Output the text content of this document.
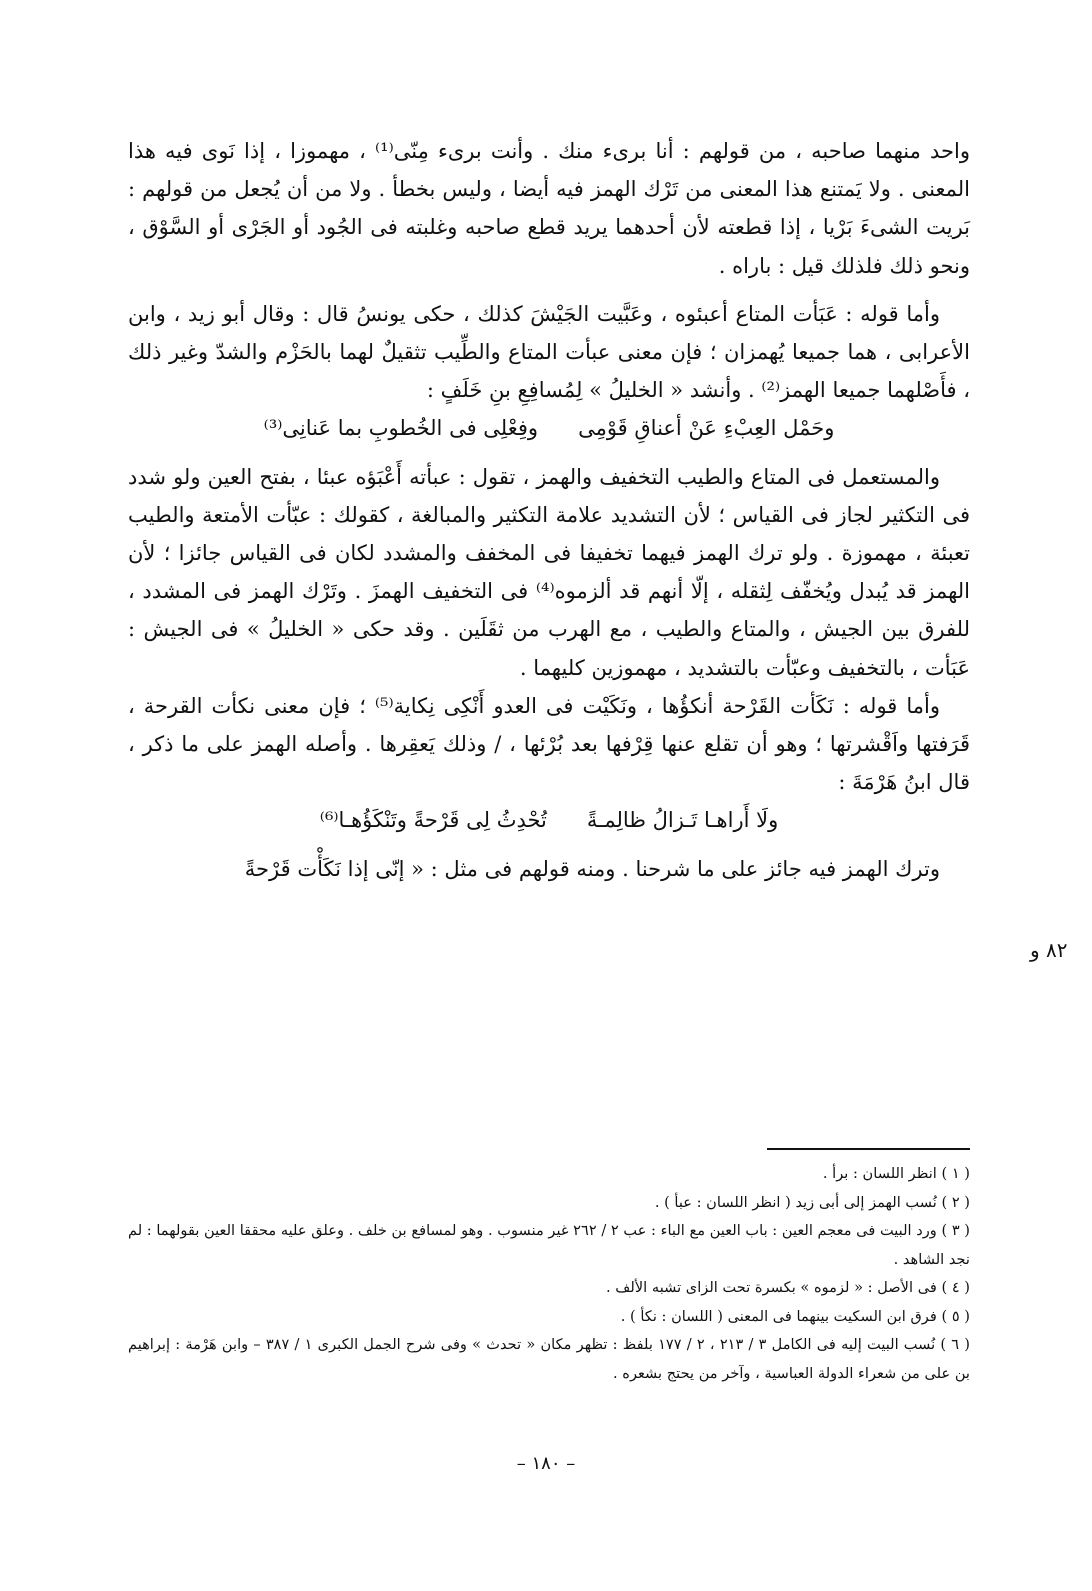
واحد منهما صاحبه ، من قولهم : أنا برىء منك . وأنت برىء مِنّى⁽¹⁾ ، مهموزا ، إذا نَوى فيه هذا المعنى . ولا يَمتنع هذا المعنى من تَرْك الهمز فيه أيضا ، وليس بخطأ . ولا من أن يُجعل من قولهم : بَريت الشىءَ بَرْيا ، إذا قطعته لأن أحدهما يريد قطع صاحبه وغلبته فى الجُود أو الجَرْى أو السَّوْق ، ونحو ذلك فلذلك قيل : باراه .

وأما قوله : عَبَأت المتاع أعبئوه ، وعَبَّيت الجَيْشَ كذلك ، حكى يونسُ قال : وقال أبو زيد ، وابن الأعرابى ، هما جميعا يُهمزان ؛ فإن معنى عبأت المتاع والطِّيب تثقيلٌ لهما بالحَزْم والشدّ وغير ذلك ، فأَصْلهما جميعا الهمز⁽²⁾ . وأنشد « الخليلُ » لِمُسافِعِ بنِ خَلَفٍ :

وحَمْل العِبْءِ عَنْ أعناقِ قَوْمِى
وفِعْلِى فى الخُطوبِ بما عَنانِى⁽³⁾

والمستعمل فى المتاع والطيب التخفيف والهمز ، تقول : عبأته أَعْبَؤه عبئا ، بفتح العين ولو شدد فى التكثير لجاز فى القياس ؛ لأن التشديد علامة التكثير والمبالغة ، كقولك : عبّأت الأمتعة والطيب تعبئة ، مهموزة . ولو ترك الهمز فيهما تخفيفا فى المخفف والمشدد لكان فى القياس جائزا ؛ لأن الهمز قد يُبدل ويُخفّف لِثقله ، إلّا أنهم قد ألزموه⁽⁴⁾ فى التخفيف الهمزَ . وتَرْك الهمز فى المشدد ، للفرق بين الجيش ، والمتاع والطيب ، مع الهرب من ثقَلَين . وقد حكى « الخليلُ » فى الجيش : عَبَأت ، بالتخفيف وعبّأت بالتشديد ، مهموزين كليهما .

وأما قوله : نَكَأت القَرْحة أنكؤُها ، ونَكَيْت فى العدو أَنْكِى نِكاية⁽⁵⁾ ؛ فإن معنى نكأت القرحة ، قَرَفتها واَقْشرتها ؛ وهو أن تقلع عنها قِرْفها بعد بُرْئها ، / وذلك يَعقِرها . وأصله الهمز على ما ذكر ، قال ابنُ هَرْمَةَ :

ولَا أَراهـا تَـزالُ ظالِمـةً
تُحْدِثُ لِى قَرْحةً وتَنْكَؤُهـا⁽⁶⁾

وترك الهمز فيه جائز على ما شرحنا . ومنه قولهم فى مثل : « إنّى إذا نَكَأْت قَرْحةً

٨٢ و

( ١ ) انظر اللسان : برأ .

( ٢ ) نُسب الهمز إلى أبى زيد ( انظر اللسان : عبأ ) .

( ٣ ) ورد البيت فى معجم العين : باب العين مع الباء : عب ٢ / ٢٦٢ غير منسوب . وهو لمسافع بن خلف . وعلق عليه محققا العين بقولهما : لم نجد الشاهد .

( ٤ ) فى الأصل : « لزموه » بكسرة تحت الزاى تشبه الألف .

( ٥ ) فرق ابن السكيت بينهما فى المعنى ( اللسان : نكأ ) .

( ٦ ) نُسب البيت إليه فى الكامل ٣ / ٢١٣ ، ٢ / ١٧٧ بلفظ : تظهر مكان « تحدث » وفى شرح الجمل الكبرى ١ / ٣٨٧ – وابن هَرْمة : إبراهيم بن على من شعراء الدولة العباسية ، وآخر من يحتج بشعره .

– ١٨٠ –
